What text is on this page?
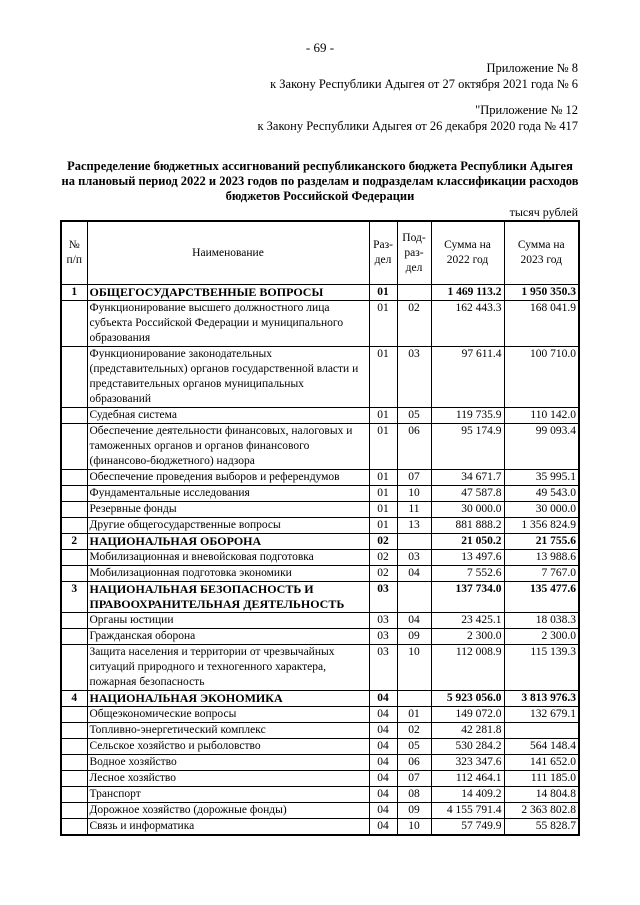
- 69 -
Приложение № 8
к Закону Республики Адыгея от 27 октября 2021 года № 6
"Приложение № 12
к Закону Республики Адыгея от 26 декабря 2020 года № 417
Распределение бюджетных ассигнований республиканского бюджета Республики Адыгея на плановый период 2022 и 2023 годов по разделам и подразделам классификации расходов бюджетов Российской Федерации
тысяч рублей
№ п/п	Наименование	Раз-дел	Под-раз-дел	Сумма на 2022 год	Сумма на 2023 год
1	ОБЩЕГОСУДАРСТВЕННЫЕ ВОПРОСЫ	01		1 469 113.2	1 950 350.3
	Функционирование высшего должностного лица субъекта Российской Федерации и муниципального образования	01	02	162 443.3	168 041.9
	Функционирование законодательных (представительных) органов государственной власти и представительных органов муниципальных образований	01	03	97 611.4	100 710.0
	Судебная система	01	05	119 735.9	110 142.0
	Обеспечение деятельности финансовых, налоговых и таможенных органов и органов финансового (финансово-бюджетного) надзора	01	06	95 174.9	99 093.4
	Обеспечение проведения выборов и референдумов	01	07	34 671.7	35 995.1
	Фундаментальные исследования	01	10	47 587.8	49 543.0
	Резервные фонды	01	11	30 000.0	30 000.0
	Другие общегосударственные вопросы	01	13	881 888.2	1 356 824.9
2	НАЦИОНАЛЬНАЯ ОБОРОНА	02		21 050.2	21 755.6
	Мобилизационная и вневойсковая подготовка	02	03	13 497.6	13 988.6
	Мобилизационная подготовка экономики	02	04	7 552.6	7 767.0
3	НАЦИОНАЛЬНАЯ БЕЗОПАСНОСТЬ И ПРАВООХРАНИТЕЛЬНАЯ ДЕЯТЕЛЬНОСТЬ	03		137 734.0	135 477.6
	Органы юстиции	03	04	23 425.1	18 038.3
	Гражданская оборона	03	09	2 300.0	2 300.0
	Защита населения и территории от чрезвычайных ситуаций природного и техногенного характера, пожарная безопасность	03	10	112 008.9	115 139.3
4	НАЦИОНАЛЬНАЯ ЭКОНОМИКА	04		5 923 056.0	3 813 976.3
	Общеэкономические вопросы	04	01	149 072.0	132 679.1
	Топливно-энергетический комплекс	04	02	42 281.8	
	Сельское хозяйство и рыболовство	04	05	530 284.2	564 148.4
	Водное хозяйство	04	06	323 347.6	141 652.0
	Лесное хозяйство	04	07	112 464.1	111 185.0
	Транспорт	04	08	14 409.2	14 804.8
	Дорожное хозяйство (дорожные фонды)	04	09	4 155 791.4	2 363 802.8
	Связь и информатика	04	10	57 749.9	55 828.7
